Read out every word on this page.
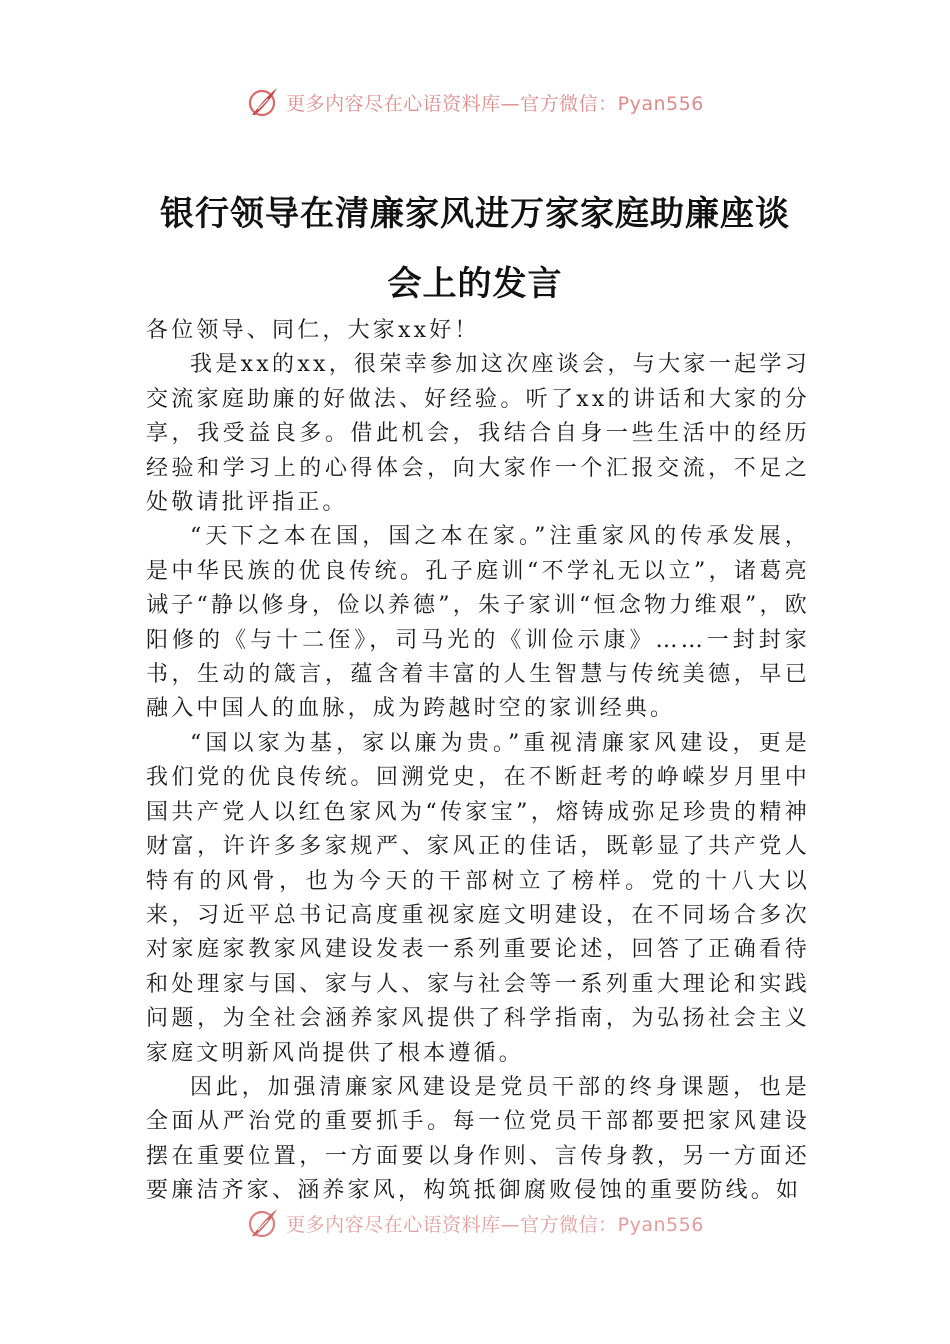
更多内容尽在心语资料库—官方微信：Pyan556
银行领导在清廉家风进万家家庭助廉座谈
会上的发言

各位领导、同仁，大家xx好！

我是xx的xx，很荣幸参加这次座谈会，与大家一起学习交流家庭助廉的好做法、好经验。听了xx的讲话和大家的分享，我受益良多。借此机会，我结合自身一些生活中的经历经验和学习上的心得体会，向大家作一个汇报交流，不足之处敬请批评指正。

“天下之本在国，国之本在家。”注重家风的传承发展，是中华民族的优良传统。孔子庭训“不学礼无以立”，诸葛亮诫子“静以修身，俭以养德”，朱子家训“恒念物力维艰”，欧阳修的《与十二侄》，司马光的《训俭示康》……一封封家书，生动的箴言，蕴含着丰富的人生智慧与传统美德，早已融入中国人的血脉，成为跨越时空的家训经典。

“国以家为基，家以廉为贵。”重视清廉家风建设，更是我们党的优良传统。回溯党史，在不断赶考的峥嵘岁月里中国共产党人以红色家风为“传家宝”，熔铸成弥足珍贵的精神财富，许许多多家规严、家风正的佳话，既彰显了共产党人特有的风骨，也为今天的干部树立了榜样。党的十八大以来，习近平总书记高度重视家庭文明建设，在不同场合多次对家庭家教家风建设发表一系列重要论述，回答了正确看待和处理家与国、家与人、家与社会等一系列重大理论和实践问题，为全社会涵养家风提供了科学指南，为弘扬社会主义家庭文明新风尚提供了根本遵循。

因此，加强清廉家风建设是党员干部的终身课题，也是全面从严治党的重要抓手。每一位党员干部都要把家风建设摆在重要位置，一方面要以身作则、言传身教，另一方面还要廉洁齐家、涵养家风，构筑抵御腐败侵蚀的重要防线。如

更多内容尽在心语资料库—官方微信：Pyan556
